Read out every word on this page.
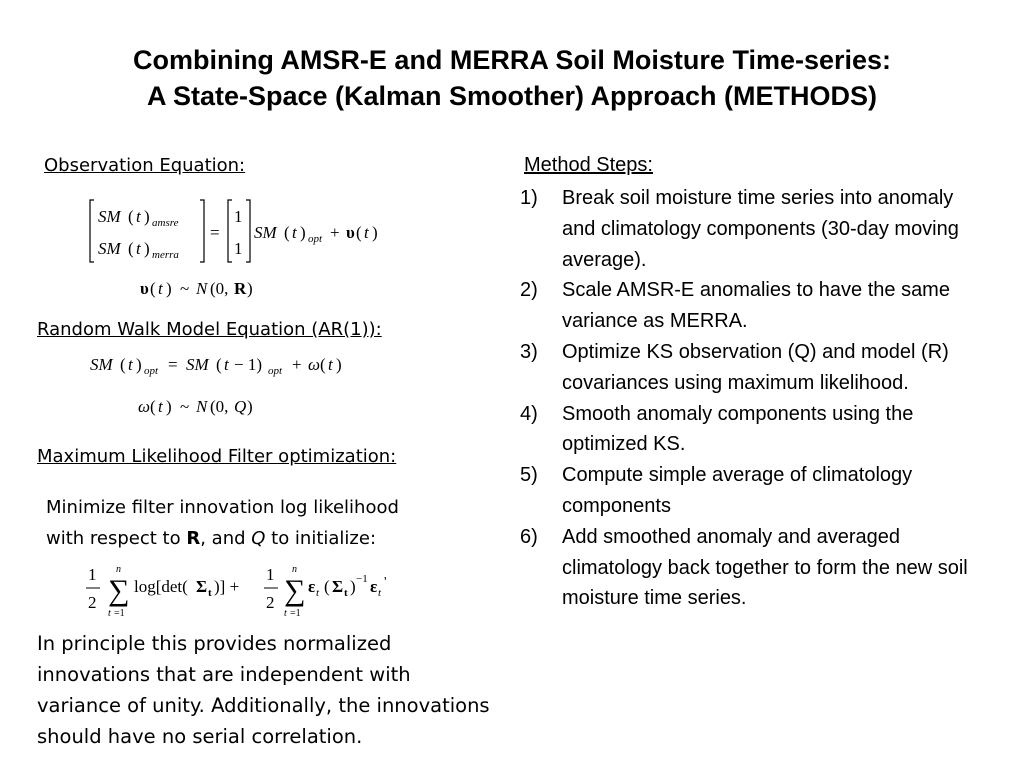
Combining AMSR-E and MERRA Soil Moisture Time-series:
A State-Space (Kalman Smoother) Approach (METHODS)
Observation Equation:
SM ( t ) amsre
SM ( t ) merra
=
1
1
SM ( t ) opt + υ ( t )
υ ( t ) ~ N (0, R )
Random Walk Model Equation (AR(1)):
SM ( t ) opt = SM ( t − 1) opt + ω ( t )
ω ( t ) ~ N (0, Q )
Maximum Likelihood Filter optimization:
Minimize filter innovation log likelihood
with respect to R, and Q to initialize:
1
2 ∑
n
t =1
log[det( Σ t )] +
1
2 ∑
n
t =1
ε t ( Σ t ) −1 ε t
'
In principle this provides normalized
innovations that are independent with
variance of unity. Additionally, the innovations
should have no serial correlation.
Method Steps:
1) Break soil moisture time series into anomaly and climatology components (30-day moving average).
2) Scale AMSR-E anomalies to have the same variance as MERRA.
3) Optimize KS observation (Q) and model (R) covariances using maximum likelihood.
4) Smooth anomaly components using the optimized KS.
5) Compute simple average of climatology components
6) Add smoothed anomaly and averaged climatology back together to form the new soil moisture time series.
